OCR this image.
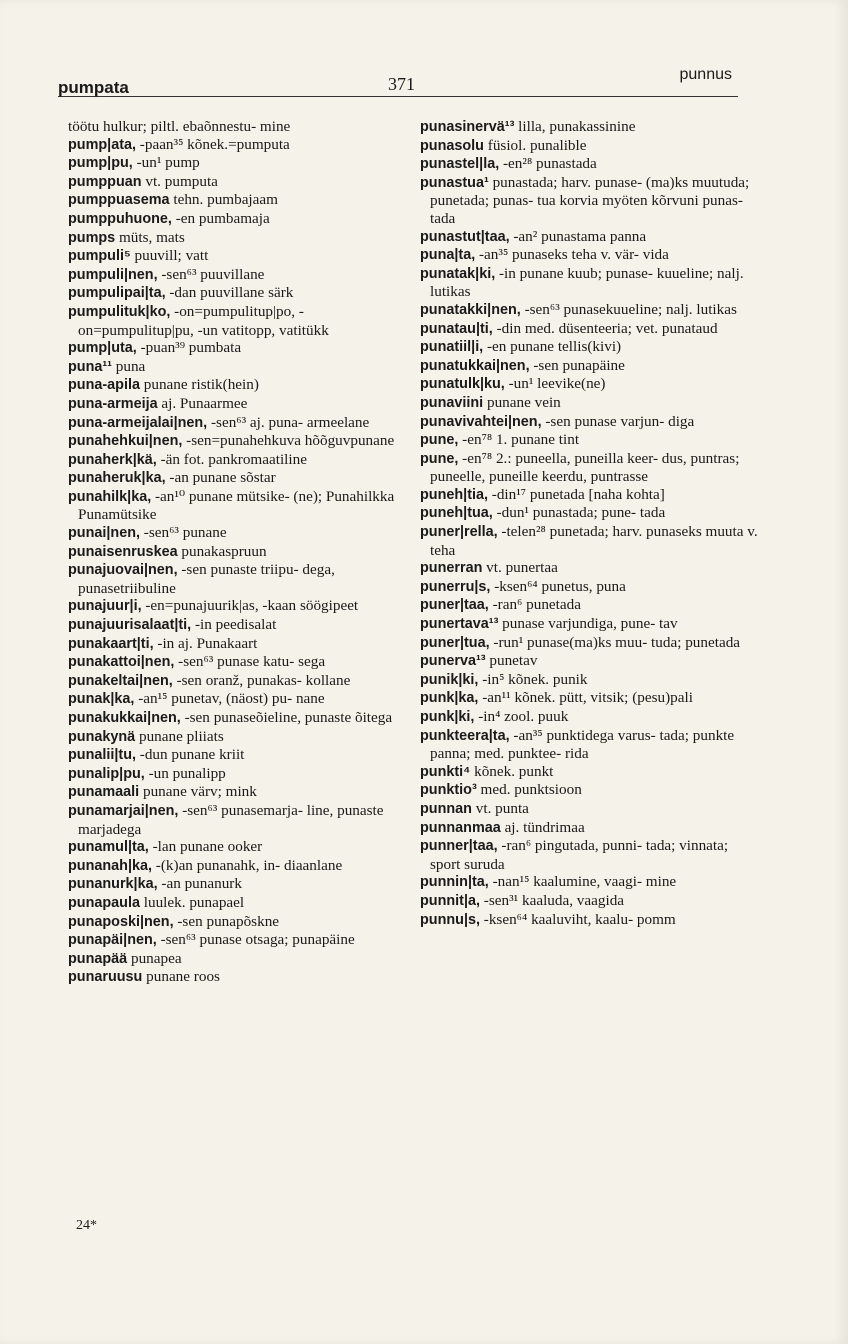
pumpata	371	punnus

töötu hulkur; piltl. ebaõnnestu- mine

pump|ata, -paan³⁵ kõnek.=pumputa

pump|pu, -un¹ pump

pumppuan vt. pumputa

pumppuasema tehn. pumbajaam

pumppuhuone, -en pumbamaja

pumps müts, mats

pumpuli⁵ puuvill; vatt

pumpuli|nen, -sen⁶³ puuvillane

pumpulipai|ta, -dan puuvillane särk

pumpulituk|ko, -on=pumpulitup|po, -on=pumpulitup|pu, -un vatitopp, vatitükk

pump|uta, -puan³⁹ pumbata

puna¹¹ puna

puna-apila punane ristik(hein)

puna-armeija aj. Punaarmee

puna-armeijalai|nen, -sen⁶³ aj. puna- armeelane

punahehkui|nen, -sen=punahehkuva hõõguvpunane

punaherk|kä, -än fot. pankromaatiline

punaheruk|ka, -an punane sõstar

punahilk|ka, -an¹⁰ punane mütsike- (ne); Punahilkka Punamütsike

punai|nen, -sen⁶³ punane

punaisenruskea punakaspruun

punajuovai|nen, -sen punaste triipu- dega, punasetriibuline

punajuur|i, -en=punajuurik|as, -kaan söögipeet

punajuurisalaat|ti, -in peedisalat

punakaart|ti, -in aj. Punakaart

punakattoi|nen, -sen⁶³ punase katu- sega

punakeltai|nen, -sen oranž, punakas- kollane

punak|ka, -an¹⁵ punetav, (näost) pu- nane

punakukkai|nen, -sen punaseõieline, punaste õitega

punakynä punane pliiats

punalii|tu, -dun punane kriit

punalip|pu, -un punalipp

punamaali punane värv; mink

punamarjai|nen, -sen⁶³ punasemarja- line, punaste marjadega

punamul|ta, -lan punane ooker

punanah|ka, -(k)an punanahk, in- diaanlane

punanurk|ka, -an punanurk

punapaula luulek. punapael

punaposki|nen, -sen punapõskne

punapäi|nen, -sen⁶³ punase otsaga; punapäine

punapää punapea

punaruusu punane roos

punasinervä¹³ lilla, punakassinine

punasolu füsiol. punalible

punastel|la, -en²⁸ punastada

punastua¹ punastada; harv. punase- (ma)ks muutuda; punetada; punas- tua korvia myöten kõrvuni punas- tada

punastut|taa, -an² punastama panna

puna|ta, -an³⁵ punaseks teha v. vär- vida

punatak|ki, -in punane kuub; punase- kuueline; nalj. lutikas

punatakki|nen, -sen⁶³ punasekuueline; nalj. lutikas

punatau|ti, -din med. düsenteeria; vet. punataud

punatiil|i, -en punane tellis(kivi)

punatukkai|nen, -sen punapäine

punatulk|ku, -un¹ leevike(ne)

punaviini punane vein

punavivahtei|nen, -sen punase varjun- diga

pune, -en⁷⁸ 1. punane tint

pune, -en⁷⁸ 2.: puneella, puneilla keer- dus, puntras; puneelle, puneille keerdu, puntrasse

puneh|tia, -din¹⁷ punetada [naha kohta]

puneh|tua, -dun¹ punastada; pune- tada

puner|rella, -telen²⁸ punetada; harv. punaseks muuta v. teha

punerran vt. punertaa

punerru|s, -ksen⁶⁴ punetus, puna

puner|taa, -ran⁶ punetada

punertava¹³ punase varjundiga, pune- tav

puner|tua, -run¹ punase(ma)ks muu- tuda; punetada

punerva¹³ punetav

punik|ki, -in⁵ kõnek. punik

punk|ka, -an¹¹ kõnek. pütt, vitsik; (pesu)pali

punk|ki, -in⁴ zool. puuk

punkteera|ta, -an³⁵ punktidega varus- tada; punkte panna; med. punktee- rida

punkti⁴ kõnek. punkt

punktio³ med. punktsioon

punnan vt. punta

punnanmaa aj. tündrimaa

punner|taa, -ran⁶ pingutada, punni- tada; vinnata; sport suruda

punnin|ta, -nan¹⁵ kaalumine, vaagi- mine

punnit|a, -sen³¹ kaaluda, vaagida

punnu|s, -ksen⁶⁴ kaaluviht, kaalu- pomm

24*
